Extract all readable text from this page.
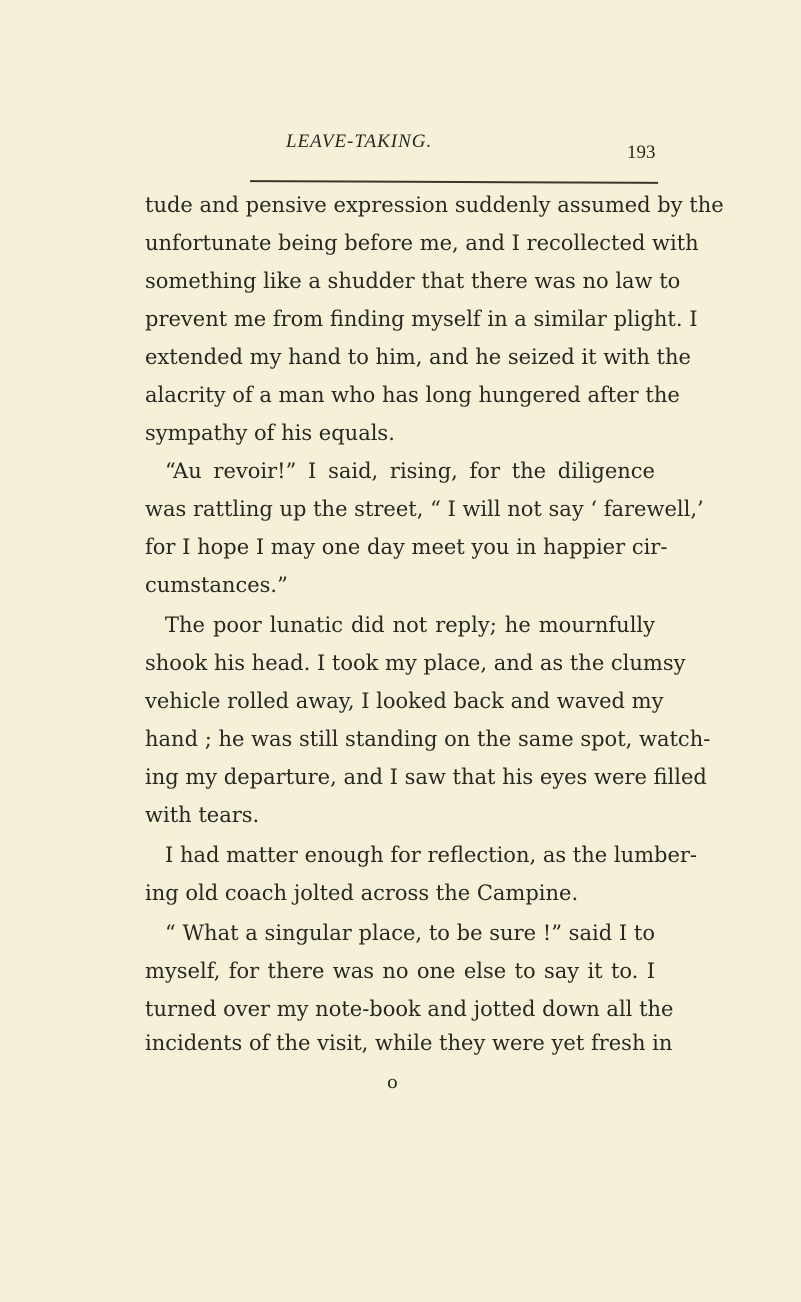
LEAVE-TAKING.
193
tude and pensive expression suddenly assumed by the
unfortunate being before me, and I recollected with
something like a shudder that there was no law to
prevent me from finding myself in a similar plight. I
extended my hand to him, and he seized it with the
alacrity of a man who has long hungered after the
sympathy of his equals.
“Au revoir!” I said, rising, for the diligence
was rattling up the street, “ I will not say ‘ farewell,’
for I hope I may one day meet you in happier cir-
cumstances.”
The poor lunatic did not reply; he mournfully
shook his head. I took my place, and as the clumsy
vehicle rolled away, I looked back and waved my
hand ; he was still standing on the same spot, watch-
ing my departure, and I saw that his eyes were filled
with tears.
I had matter enough for reflection, as the lumber-
ing old coach jolted across the Campine.
“ What a singular place, to be sure !” said I to
myself, for there was no one else to say it to. I
turned over my note-book and jotted down all the
incidents of the visit, while they were yet fresh in
o
